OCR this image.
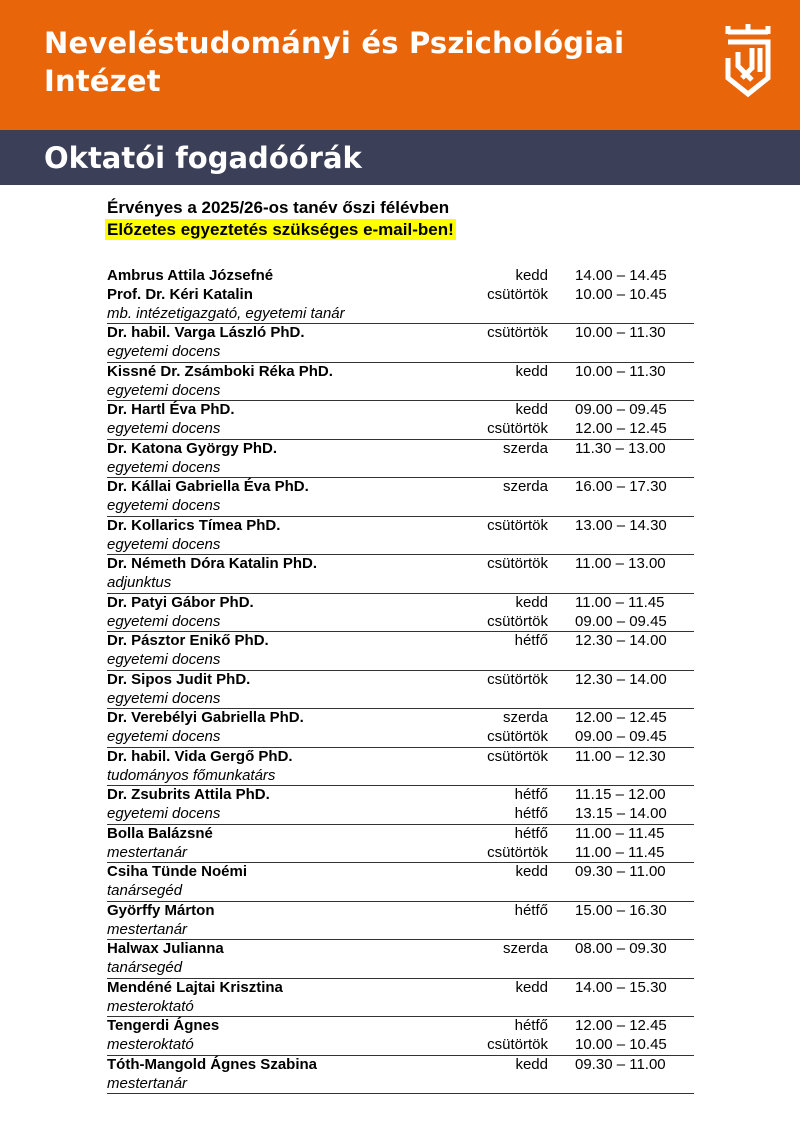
Neveléstudományi és Pszichológiai Intézet
Oktatói fogadóórák
Érvényes a 2025/26-os tanév őszi félévben
Előzetes egyeztetés szükséges e-mail-ben!
Ambrus Attila Józsefné	kedd 14.00 – 14.45
Prof. Dr. Kéri Katalin	csütörtök 10.00 – 10.45
mb. intézetigazgató, egyetemi tanár
Dr. habil. Varga László PhD.	csütörtök 10.00 – 11.30
egyetemi docens
Kissné Dr. Zsámboki Réka PhD.	kedd 10.00 – 11.30
egyetemi docens
Dr. Hartl Éva PhD.	kedd 09.00 – 09.45
egyetemi docens	csütörtök 12.00 – 12.45
Dr. Katona György PhD.	szerda 11.30 – 13.00
egyetemi docens
Dr. Kállai Gabriella Éva PhD.	szerda 16.00 – 17.30
egyetemi docens
Dr. Kollarics Tímea PhD.	csütörtök 13.00 – 14.30
egyetemi docens
Dr. Németh Dóra Katalin PhD.	csütörtök 11.00 – 13.00
adjunktus
Dr. Patyi Gábor PhD.	kedd 11.00 – 11.45
egyetemi docens	csütörtök 09.00 – 09.45
Dr. Pásztor Enikő PhD.	hétfő 12.30 – 14.00
egyetemi docens
Dr. Sipos Judit PhD.	csütörtök 12.30 – 14.00
egyetemi docens
Dr. Verebélyi Gabriella PhD.	szerda 12.00 – 12.45
egyetemi docens	csütörtök 09.00 – 09.45
Dr. habil. Vida Gergő PhD.	csütörtök 11.00 – 12.30
tudományos főmunkatárs
Dr. Zsubrits Attila PhD.	hétfő 11.15 – 12.00
egyetemi docens	hétfő 13.15 – 14.00
Bolla Balázsné	hétfő 11.00 – 11.45
mestertanár	csütörtök 11.00 – 11.45
Csiha Tünde Noémi	kedd 09.30 – 11.00
tanársegéd
Györffy Márton	hétfő 15.00 – 16.30
mestertanár
Halwax Julianna	szerda 08.00 – 09.30
tanársegéd
Mendéné Lajtai Krisztina	kedd 14.00 – 15.30
mesteroktató
Tengerdi Ágnes	hétfő 12.00 – 12.45
mesteroktató	csütörtök 10.00 – 10.45
Tóth-Mangold Ágnes Szabina	kedd 09.30 – 11.00
mestertanár
